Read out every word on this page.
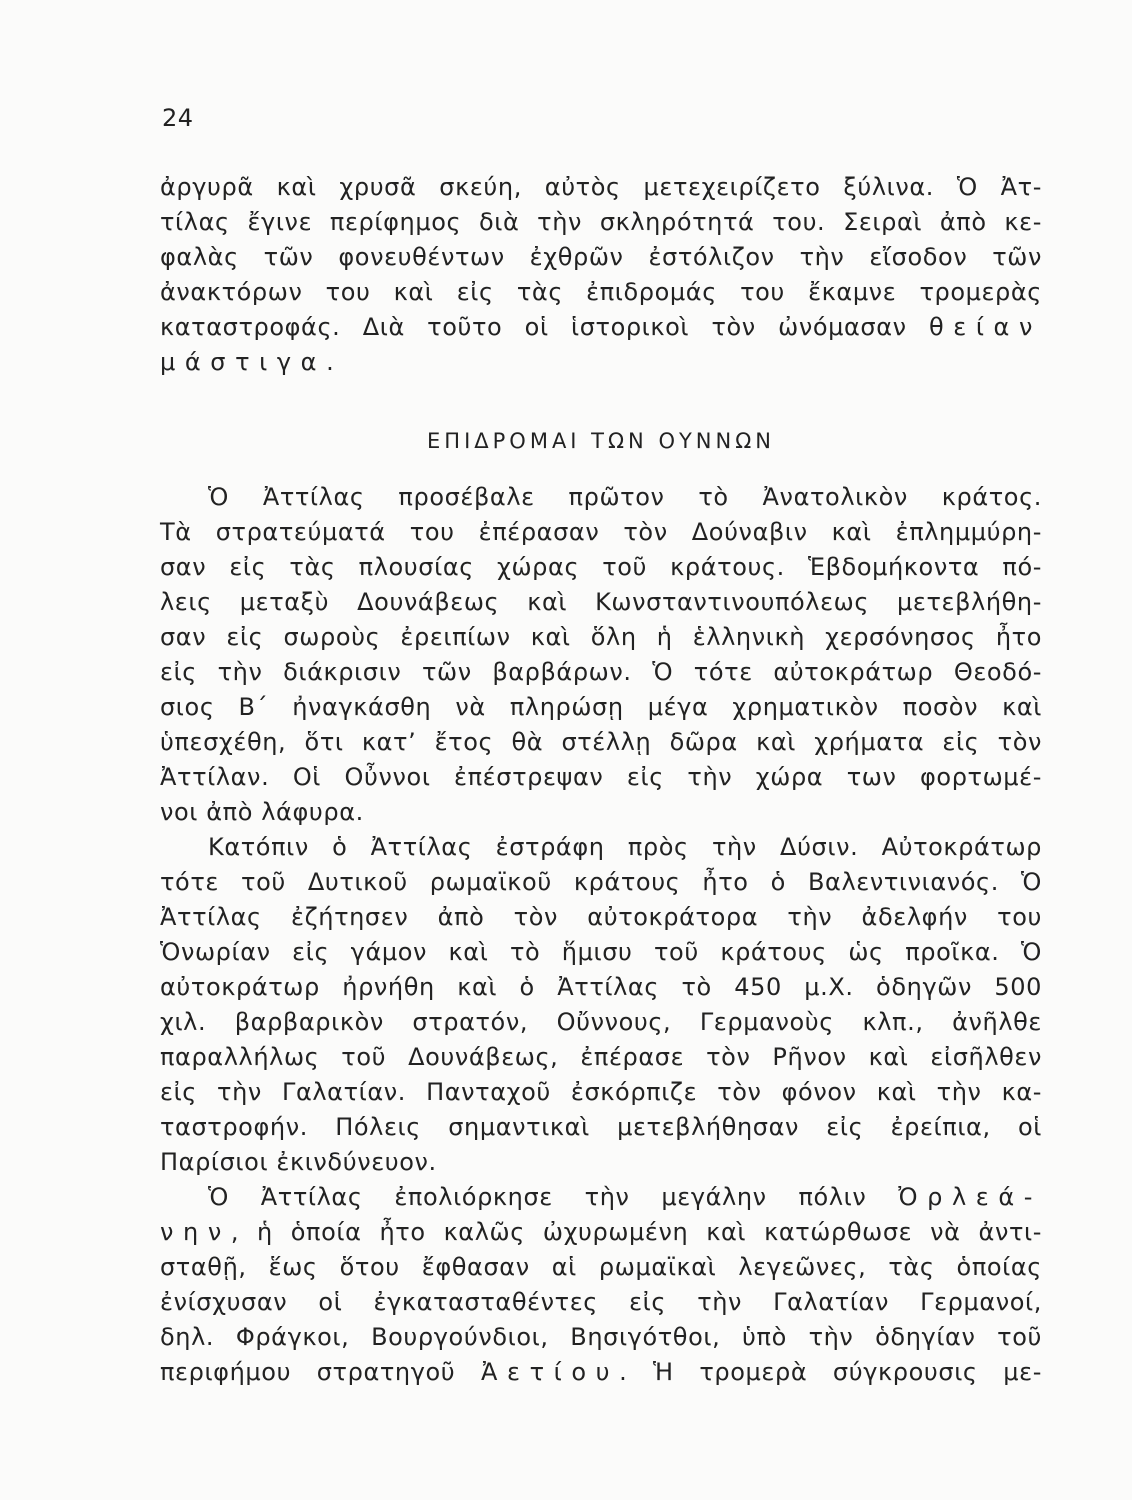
24
ἀργυρᾶ καὶ χρυσᾶ σκεύη, αὐτὸς μετεχειρίζετο ξύλινα. Ὁ Ἀτ-
τίλας ἔγινε περίφημος διὰ τὴν σκληρότητά του. Σειραὶ ἀπὸ κε-
φαλὰς τῶν φονευθέντων ἐχθρῶν ἐστόλιζον τὴν εἴσοδον τῶν
ἀνακτόρων του καὶ εἰς τὰς ἐπιδρομάς του ἔκαμνε τρομερὰς
καταστροφάς. Διὰ τοῦτο οἱ ἱστορικοὶ τὸν ὠνόμασαν θείαν
μάστιγα.
ΕΠΙΔΡΟΜΑΙ ΤΩΝ ΟΥΝΝΩΝ
Ὁ Ἀττίλας προσέβαλε πρῶτον τὸ Ἀνατολικὸν κράτος.
Τὰ στρατεύματά του ἐπέρασαν τὸν Δούναβιν καὶ ἐπλημμύρη-
σαν εἰς τὰς πλουσίας χώρας τοῦ κράτους. Ἑβδομήκοντα πό-
λεις μεταξὺ Δουνάβεως καὶ Κωνσταντινουπόλεως μετεβλήθη-
σαν εἰς σωροὺς ἐρειπίων καὶ ὅλη ἡ ἑλληνικὴ χερσόνησος ἦτο
εἰς τὴν διάκρισιν τῶν βαρβάρων. Ὁ τότε αὐτοκράτωρ Θεοδό-
σιος Β΄ ἠναγκάσθη νὰ πληρώσῃ μέγα χρηματικὸν ποσὸν καὶ
ὑπεσχέθη, ὅτι κατ’ ἔτος θὰ στέλλῃ δῶρα καὶ χρήματα εἰς τὸν
Ἀττίλαν. Οἱ Οὖννοι ἐπέστρεψαν εἰς τὴν χώρα των φορτωμέ-
νοι ἀπὸ λάφυρα.
Κατόπιν ὁ Ἀττίλας ἐστράφη πρὸς τὴν Δύσιν. Αὐτοκράτωρ
τότε τοῦ Δυτικοῦ ρωμαϊκοῦ κράτους ἦτο ὁ Βαλεντινιανός. Ὁ
Ἀττίλας ἐζήτησεν ἀπὸ τὸν αὐτοκράτορα τὴν ἀδελφήν του
Ὁνωρίαν εἰς γάμον καὶ τὸ ἥμισυ τοῦ κράτους ὡς προῖκα. Ὁ
αὐτοκράτωρ ἠρνήθη καὶ ὁ Ἀττίλας τὸ 450 μ.Χ. ὁδηγῶν 500
χιλ. βαρβαρικὸν στρατόν, Οὔννους, Γερμανοὺς κλπ., ἀνῆλθε
παραλλήλως τοῦ Δουνάβεως, ἐπέρασε τὸν Ρῆνον καὶ εἰσῆλθεν
εἰς τὴν Γαλατίαν. Πανταχοῦ ἐσκόρπιζε τὸν φόνον καὶ τὴν κα-
ταστροφήν. Πόλεις σημαντικαὶ μετεβλήθησαν εἰς ἐρείπια, οἱ
Παρίσιοι ἐκινδύνευον.
Ὁ Ἀττίλας ἐπολιόρκησε τὴν μεγάλην πόλιν Ὀρλεά-
νην, ἡ ὁποία ἦτο καλῶς ὠχυρωμένη καὶ κατώρθωσε νὰ ἀντι-
σταθῇ, ἕως ὅτου ἔφθασαν αἱ ρωμαϊκαὶ λεγεῶνες, τὰς ὁποίας
ἐνίσχυσαν οἱ ἐγκατασταθέντες εἰς τὴν Γαλατίαν Γερμανοί,
δηλ. Φράγκοι, Βουργούνδιοι, Βησιγότθοι, ὑπὸ τὴν ὁδηγίαν τοῦ
περιφήμου στρατηγοῦ Ἀετίου. Ἡ τρομερὰ σύγκρουσις με-
